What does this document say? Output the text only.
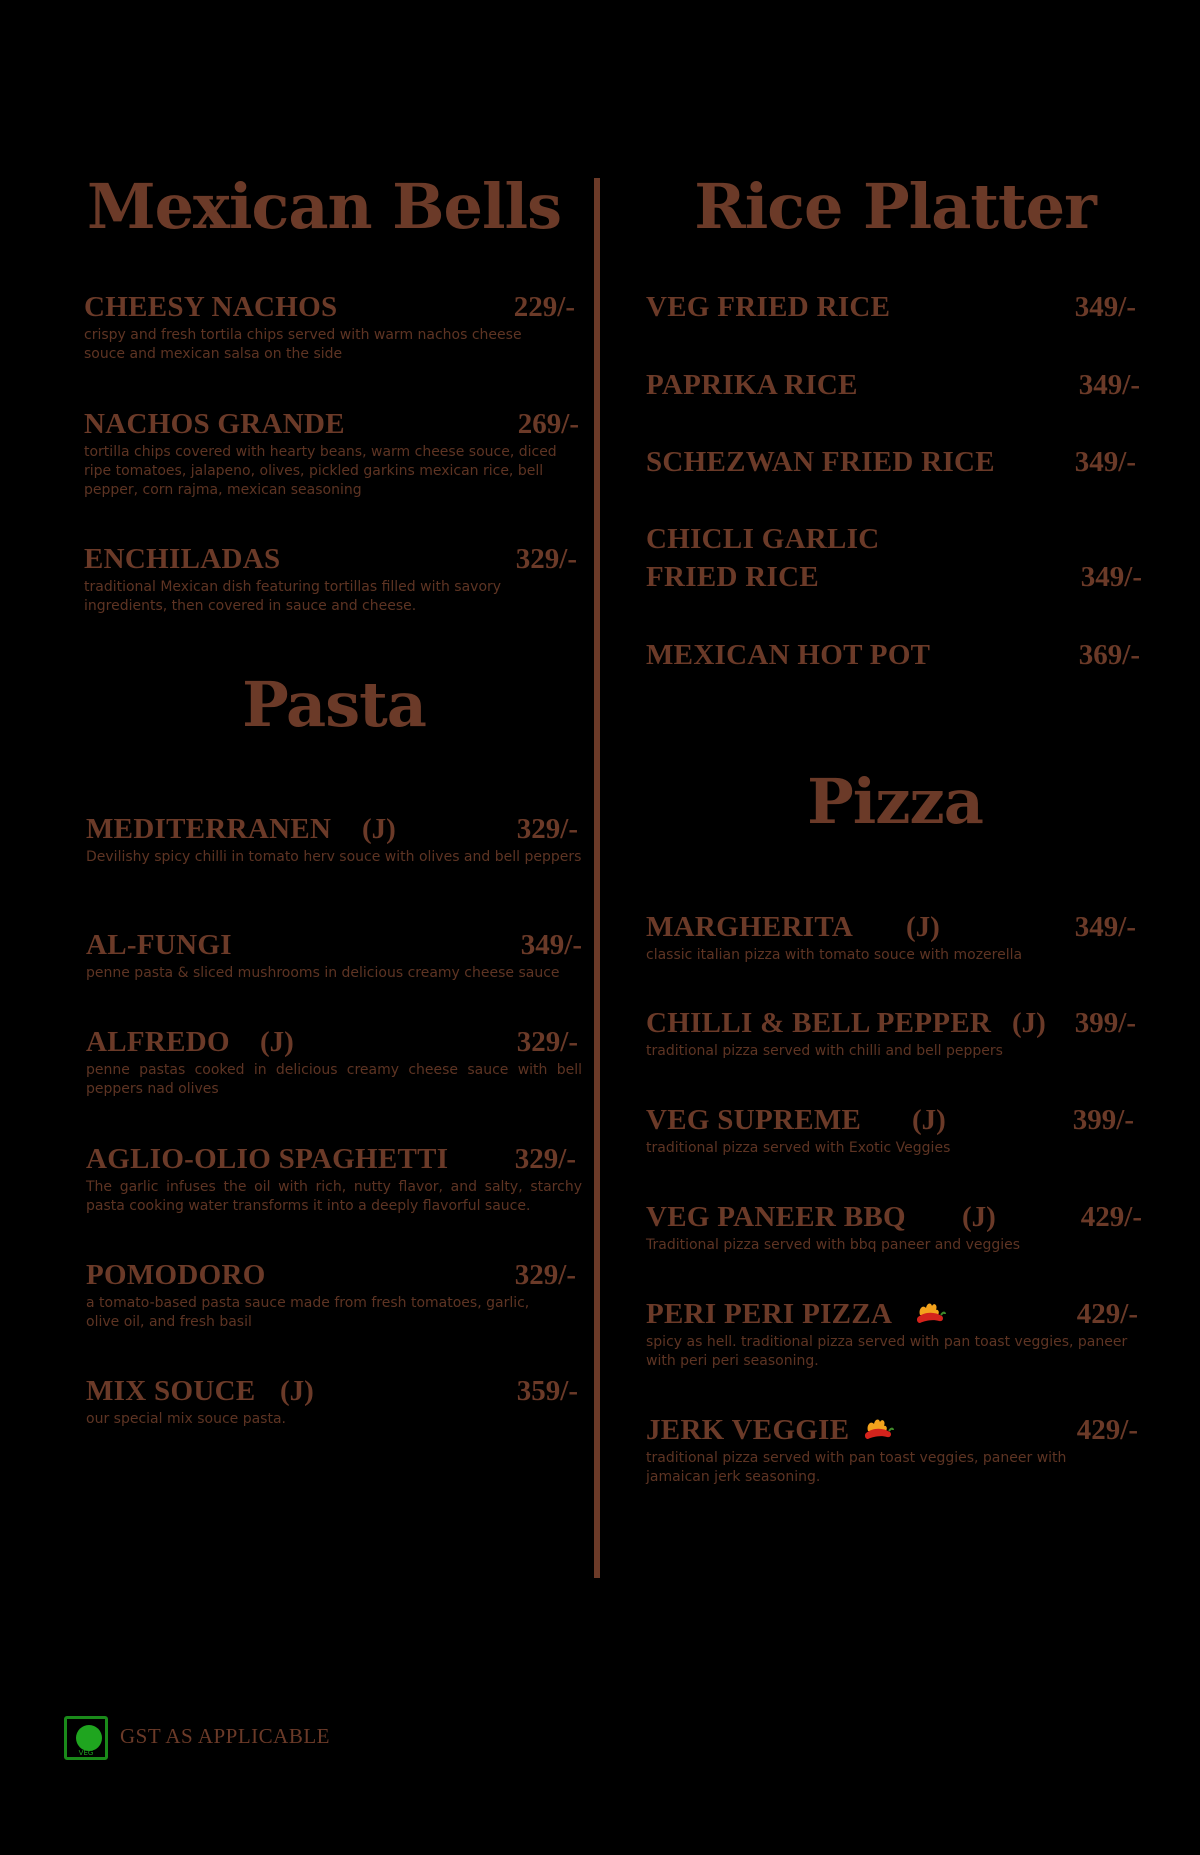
Mexican Bells
CHEESY NACHOS	229/-

crispy and fresh tortila chips served with warm nachos cheese souce and mexican salsa on the side

NACHOS GRANDE	269/-

tortilla chips covered with hearty beans, warm cheese souce, diced ripe tomatoes, jalapeno, olives, pickled garkins mexican rice, bell pepper, corn rajma, mexican seasoning

ENCHILADAS	329/-

traditional Mexican dish featuring tortillas filled with savory ingredients, then covered in sauce and cheese.

Pasta
MEDITERRANEN (J)	329/-

Devilishy spicy chilli in tomato herv souce with olives and bell peppers

AL-FUNGI	349/-

penne pasta & sliced mushrooms in delicious creamy cheese sauce

ALFREDO (J)	329/-

penne pastas cooked in delicious creamy cheese sauce with bell peppers nad olives

AGLIO-OLIO SPAGHETTI 329/-

The garlic infuses the oil with rich, nutty flavor, and salty, starchy pasta cooking water transforms it into a deeply flavorful sauce.

POMODORO	329/-

a tomato-based pasta sauce made from fresh tomatoes, garlic, olive oil, and fresh basil

MIX SOUCE (J)	359/-

our special mix souce pasta.

Rice Platter
VEG FRIED RICE	349/-
PAPRIKA RICE	349/-
SCHEZWAN FRIED RICE	349/-
CHICLI GARLIC FRIED RICE	349/-
MEXICAN HOT POT	369/-
Pizza
MARGHERITA (J)	349/-

classic italian pizza with tomato souce with mozerella

CHILLI & BELL PEPPER (J) 399/-

traditional pizza served with chilli and bell peppers

VEG SUPREME (J)	399/-

traditional pizza served with Exotic Veggies

VEG PANEER BBQ (J)	429/-

Traditional pizza served with bbq paneer and veggies

PERI PERI PIZZA	429/-

spicy as hell. traditional pizza served with pan toast veggies, paneer with peri peri seasoning.

JERK VEGGIE	429/-

traditional pizza served with pan toast veggies, paneer with jamaican jerk seasoning.

VEG
GST AS APPLICABLE
